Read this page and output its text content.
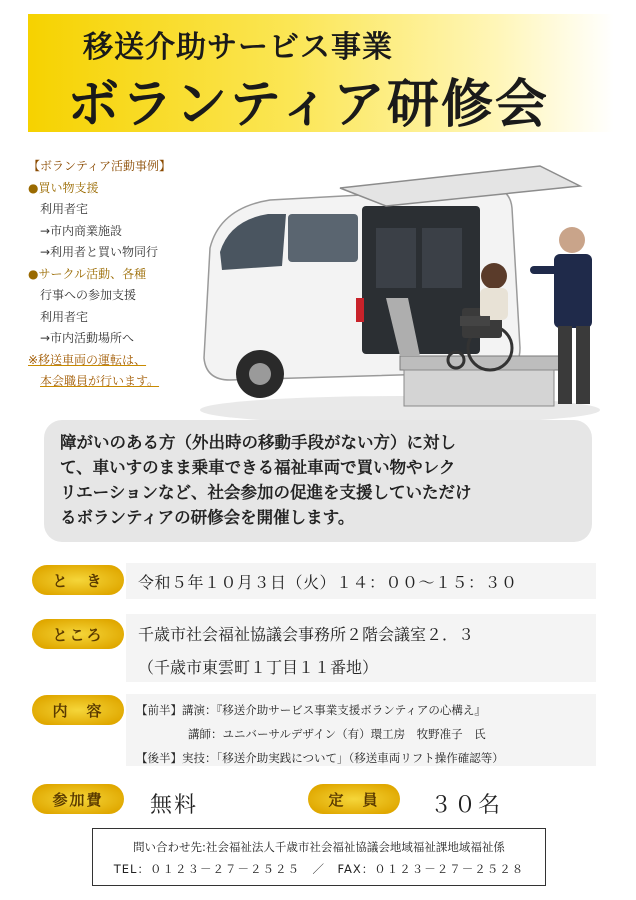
移送介助サービス事業
ボランティア研修会
【ボランティア活動事例】
●買い物支援
利用者宅
→市内商業施設
→利用者と買い物同行
●サークル活動、各種
行事への参加支援
利用者宅
→市内活動場所へ
※移送車両の運転は、
本会職員が行います。
障がいのある方（外出時の移動手段がない方）に対し
て、車いすのまま乗車できる福祉車両で買い物やレク
リエーションなど、社会参加の促進を支援していただけ
るボランティアの研修会を開催します。
と　き	令和５年１０月３日（火）１４：００〜１５：３０
ところ	千歳市社会福祉協議会事務所２階会議室２．３
（千歳市東雲町１丁目１１番地）
内　容	【前半】講演：『移送介助サービス事業支援ボランティアの心構え』
講師：ユニバーサルデザイン（有）環工房　牧野准子　氏
【後半】実技：「移送介助実践について」（移送車両リフト操作確認等）
参加費	無料	定　員	３０名
問い合わせ先:社会福祉法人千歳市社会福祉協議会地域福祉課地域福祉係
TEL：０１２３－２７－２５２５　／　FAX：０１２３－２７－２５２８
